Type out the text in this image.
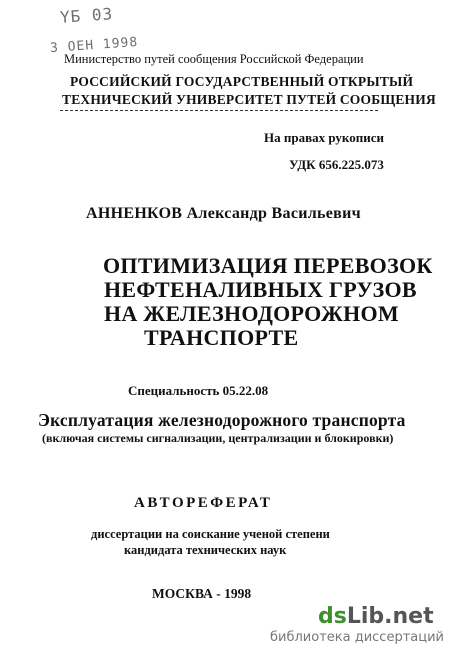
ΥБ 03
3 ОЕН 1998
Министерство путей сообщения Российской Федерации
РОССИЙСКИЙ ГОСУДАРСТВЕННЫЙ ОТКРЫТЫЙ
ТЕХНИЧЕСКИЙ УНИВЕРСИТЕТ ПУТЕЙ СООБЩЕНИЯ
На правах рукописи
УДК 656.225.073
АННЕНКОВ Александр Васильевич
ОПТИМИЗАЦИЯ ПЕРЕВОЗОК
НЕФТЕНАЛИВНЫХ ГРУЗОВ
НА ЖЕЛЕЗНОДОРОЖНОМ
ТРАНСПОРТЕ
Специальность 05.22.08
Эксплуатация железнодорожного транспорта
(включая системы сигнализации, централизации и блокировки)
АВТОРЕФЕРАТ
диссертации на соискание ученой степени
кандидата технических наук
МОСКВА - 1998
dsLib.net
библиотека диссертаций
